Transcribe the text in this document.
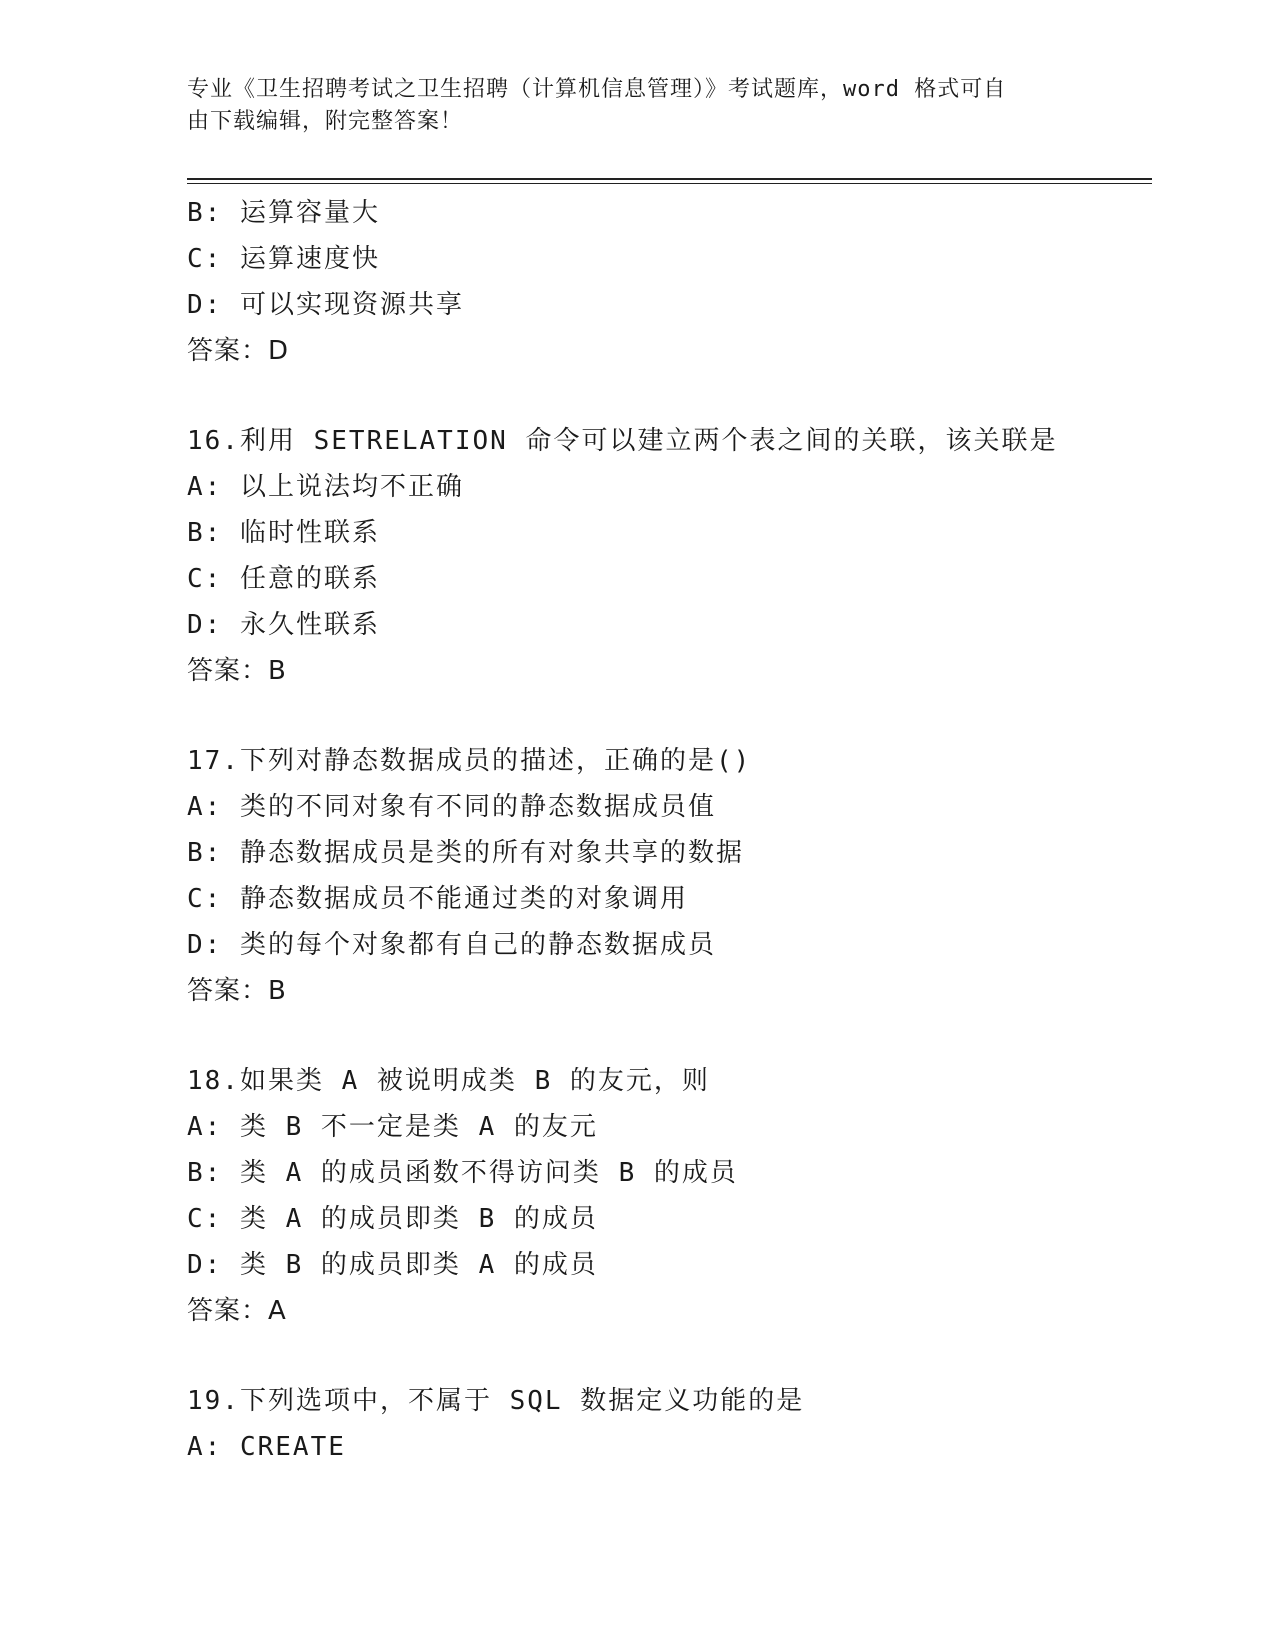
专业《卫生招聘考试之卫生招聘（计算机信息管理）》考试题库，word 格式可自
由下载编辑，附完整答案！
B: 运算容量大
C: 运算速度快
D: 可以实现资源共享
答案：D
16.利用 SETRELATION 命令可以建立两个表之间的关联，该关联是
A: 以上说法均不正确
B: 临时性联系
C: 任意的联系
D: 永久性联系
答案：B
17.下列对静态数据成员的描述，正确的是()
A: 类的不同对象有不同的静态数据成员值
B: 静态数据成员是类的所有对象共享的数据
C: 静态数据成员不能通过类的对象调用
D: 类的每个对象都有自己的静态数据成员
答案：B
18.如果类 A 被说明成类 B 的友元，则
A: 类 B 不一定是类 A 的友元
B: 类 A 的成员函数不得访问类 B 的成员
C: 类 A 的成员即类 B 的成员
D: 类 B 的成员即类 A 的成员
答案：A
19.下列选项中，不属于 SQL 数据定义功能的是
A: CREATE
